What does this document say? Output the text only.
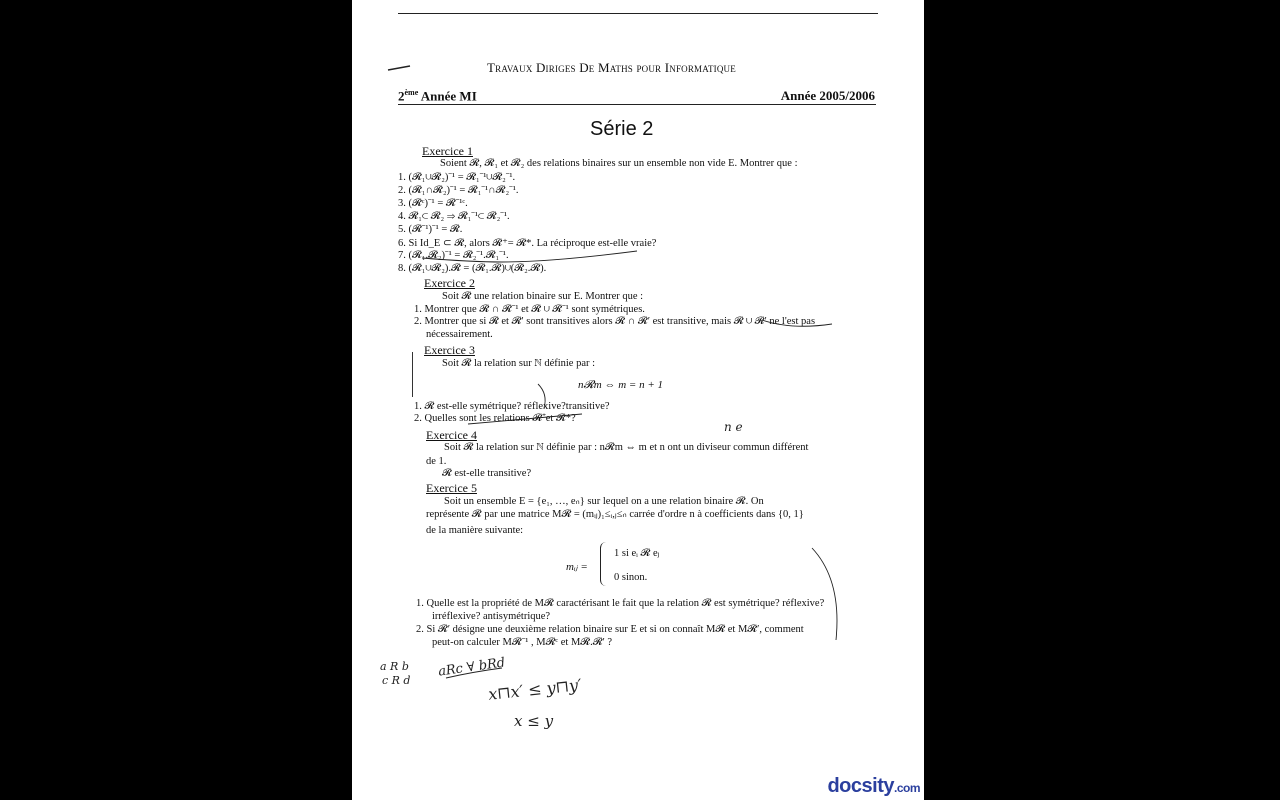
Travaux Diriges De Maths pour Informatique
2ème Année MI	Année 2005/2006
Série 2
Exercice 1
Soient 𝓡, 𝓡₁ et 𝓡₂ des relations binaires sur un ensemble non vide E. Montrer que :
1. (𝓡₁∪𝓡₂)⁻¹ = 𝓡₁⁻¹∪𝓡₂⁻¹.
2. (𝓡₁∩𝓡₂)⁻¹ = 𝓡₁⁻¹∩𝓡₂⁻¹.
3. (𝓡ᶜ)⁻¹ = 𝓡⁻¹ᶜ.
4. 𝓡₁⊂ 𝓡₂ ⇒ 𝓡₁⁻¹⊂ 𝓡₂⁻¹.
5. (𝓡⁻¹)⁻¹ = 𝓡.
6. Si Id_E ⊂ 𝓡, alors 𝓡⁺= 𝓡*. La réciproque est-elle vraie?
7. (𝓡₁.𝓡₂)⁻¹ = 𝓡₂⁻¹.𝓡₁⁻¹.
8. (𝓡₁∪𝓡₂).𝓡 = (𝓡₁.𝓡)∪(𝓡₂.𝓡).
Exercice 2
Soit 𝓡 une relation binaire sur E. Montrer que :
1. Montrer que 𝓡 ∩ 𝓡⁻¹ et 𝓡 ∪ 𝓡⁻¹ sont symétriques.
2. Montrer que si 𝓡 et 𝓡′ sont transitives alors 𝓡 ∩ 𝓡′ est transitive, mais 𝓡 ∪ 𝓡′ ne l'est pas
nécessairement.
Exercice 3
Soit 𝓡 la relation sur ℕ définie par :
n𝓡m ⇔ m = n + 1
1. 𝓡 est-elle symétrique? réflexive?transitive?
2. Quelles sont les relations 𝓡⁺et 𝓡*?
Exercice 4
Soit 𝓡 la relation sur ℕ définie par : n𝓡m ⇔ m et n ont un diviseur commun différent
de 1.
𝓡 est-elle transitive?
Exercice 5
Soit un ensemble E = {e₁, …, eₙ} sur lequel on a une relation binaire 𝓡. On
représente 𝓡 par une matrice M𝓡 = (mᵢⱼ)₁≤ᵢ,ⱼ≤ₙ carrée d'ordre n à coefficients dans {0, 1}
de la manière suivante:
mᵢⱼ =
1 si eᵢ 𝓡 eⱼ
0 sinon.
1. Quelle est la propriété de M𝓡 caractérisant le fait que la relation 𝓡 est symétrique? réflexive?
irréflexive? antisymétrique?
2. Si 𝓡′ désigne une deuxième relation binaire sur E et si on connaît M𝓡 et M𝓡′, comment
peut-on calculer M𝓡⁻¹ , M𝓡ᶜ et M𝓡.𝓡′ ?
aRc ∀ bRd
x⊓x′ ≤ y⊓y′
x ≤ y
a R b
c R d
n e
docsity.com
